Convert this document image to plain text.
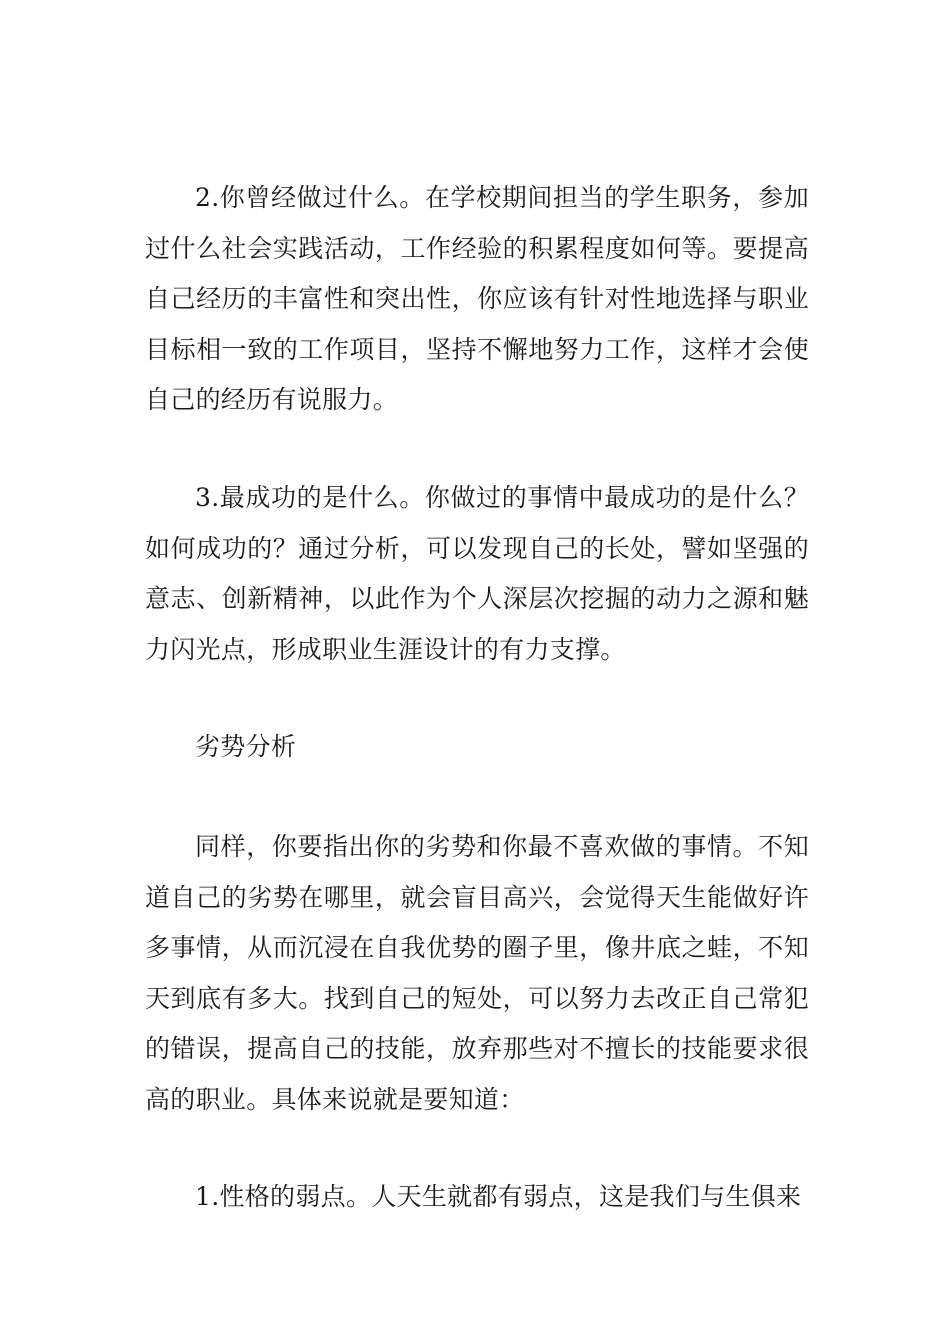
2.你曾经做过什么。在学校期间担当的学生职务，参加过什么社会实践活动，工作经验的积累程度如何等。要提高自己经历的丰富性和突出性，你应该有针对性地选择与职业目标相一致的工作项目，坚持不懈地努力工作，这样才会使自己的经历有说服力。

3.最成功的是什么。你做过的事情中最成功的是什么？如何成功的？通过分析，可以发现自己的长处，譬如坚强的意志、创新精神，以此作为个人深层次挖掘的动力之源和魅力闪光点，形成职业生涯设计的有力支撑。

劣势分析

同样，你要指出你的劣势和你最不喜欢做的事情。不知道自己的劣势在哪里，就会盲目高兴，会觉得天生能做好许多事情，从而沉浸在自我优势的圈子里，像井底之蛙，不知天到底有多大。找到自己的短处，可以努力去改正自己常犯的错误，提高自己的技能，放弃那些对不擅长的技能要求很高的职业。具体来说就是要知道：

1.性格的弱点。人天生就都有弱点，这是我们与生俱来
